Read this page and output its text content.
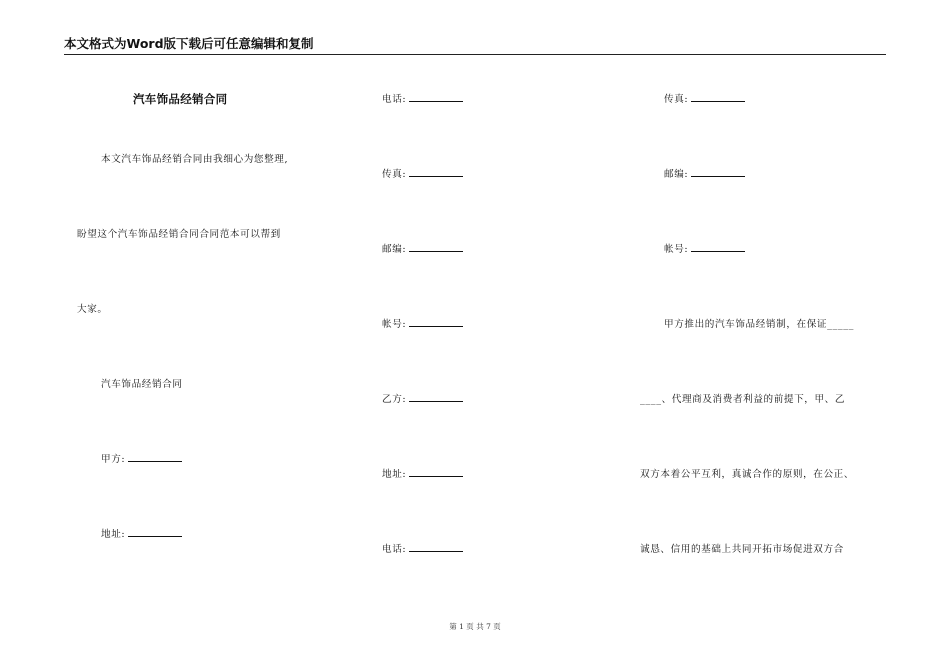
本文格式为Word版下载后可任意编辑和复制
汽车饰品经销合同
本文汽车饰品经销合同由我细心为您整理,
盼望这个汽车饰品经销合同合同范本可以帮到
大家。
汽车饰品经销合同
甲方:
地址:
电话:
传真:
邮编:
帐号:
乙方:
地址:
电话:
传真:
邮编:
帐号:
甲方推出的汽车饰品经销制，在保证_____
____、代理商及消费者利益的前提下，甲、乙
双方本着公平互利，真诚合作的原则，在公正、
诚恳、信用的基础上共同开拓市场促进双方合
第 1 页 共 7 页
